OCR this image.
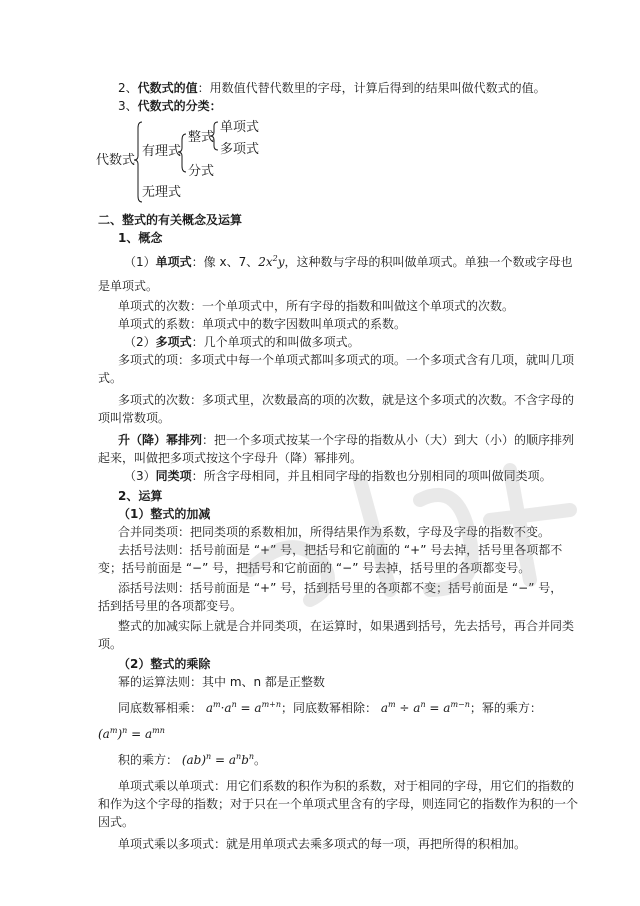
2、代数式的值：用数值代替代数里的字母，计算后得到的结果叫做代数式的值。
3、代数式的分类：
代数式
有理式
无理式
整式
分式
单项式
多项式
二、整式的有关概念及运算
1、概念
（1）单项式：像 x、7、$2x^2y$，这种数与字母的积叫做单项式。单独一个数或字母也
是单项式。
单项式的次数：一个单项式中，所有字母的指数和叫做这个单项式的次数。
单项式的系数：单项式中的数字因数叫单项式的系数。
（2）多项式：几个单项式的和叫做多项式。
多项式的项：多项式中每一个单项式都叫多项式的项。一个多项式含有几项，就叫几项
式。
多项式的次数：多项式里，次数最高的项的次数，就是这个多项式的次数。不含字母的
项叫常数项。
升（降）幂排列：把一个多项式按某一个字母的指数从小（大）到大（小）的顺序排列
起来，叫做把多项式按这个字母升（降）幂排列。
（3）同类项：所含字母相同，并且相同字母的指数也分别相同的项叫做同类项。
2、运算
（1）整式的加减
合并同类项：把同类项的系数相加，所得结果作为系数，字母及字母的指数不变。
去括号法则：括号前面是 “+” 号，把括号和它前面的 “+” 号去掉，括号里各项都不
变；括号前面是 “−” 号，把括号和它前面的 “−” 号去掉，括号里的各项都变号。
添括号法则：括号前面是 “+” 号，括到括号里的各项都不变；括号前面是 “−” 号，
括到括号里的各项都变号。
整式的加减实际上就是合并同类项，在运算时，如果遇到括号，先去括号，再合并同类
项。
（2）整式的乘除
幂的运算法则：其中 m、n 都是正整数
同底数幂相乘： $a^m\cdot a^n = a^{m+n}$；同底数幂相除： $a^m \div a^n = a^{m-n}$；幂的乘方：
$(a^m)^n = a^{mn}$
积的乘方： $(ab)^n = a^nb^n$。
单项式乘以单项式：用它们系数的积作为积的系数，对于相同的字母，用它们的指数的
和作为这个字母的指数；对于只在一个单项式里含有的字母，则连同它的指数作为积的一个
因式。
单项式乘以多项式：就是用单项式去乘多项式的每一项，再把所得的积相加。
